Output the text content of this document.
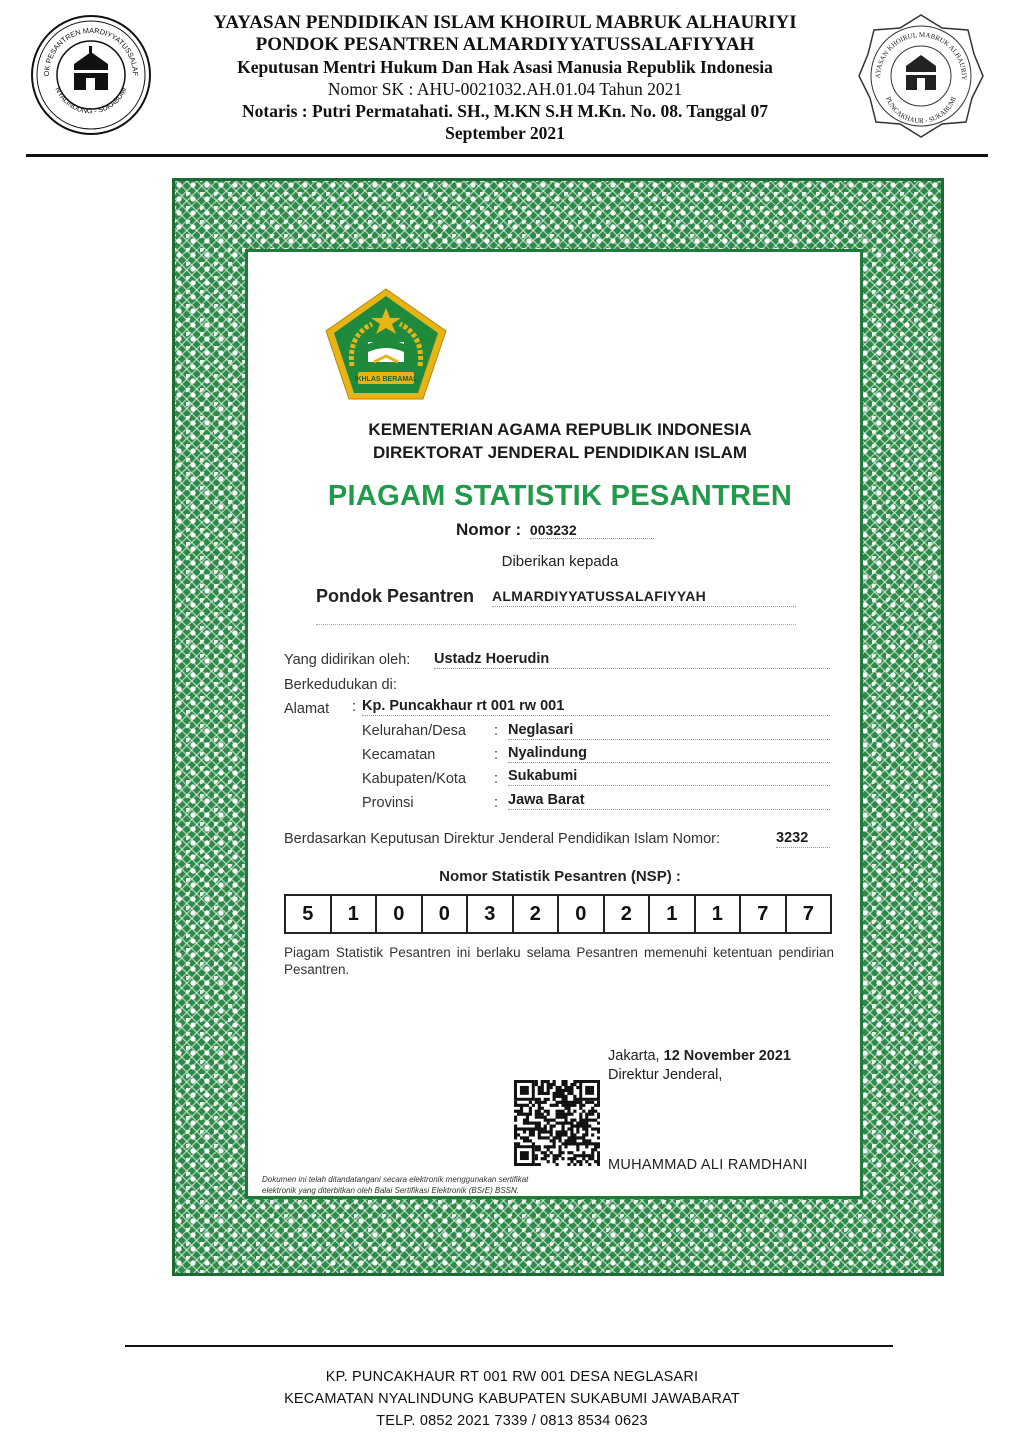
OK PESANTREN MARDIYYATUSSALAF
NYALINDUNG - SUKABUMI
YAYASAN PENDIDIKAN ISLAM KHOIRUL MABRUK ALHAURIYI
PONDOK PESANTREN ALMARDIYYATUSSALAFIYYAH
Keputusan Mentri Hukum Dan Hak Asasi Manusia Republik Indonesia
Nomor SK : AHU-0021032.AH.01.04 Tahun 2021
Notaris : Putri Permatahati. SH., M.KN S.H M.Kn. No. 08. Tanggal 07
September 2021
AYASAN KHOIRUL MABRUK ALHAURIY
PUNCAKHAUR - SUKABUMI
IKHLAS BERAMAL
KEMENTERIAN AGAMA REPUBLIK INDONESIA
DIREKTORAT JENDERAL PENDIDIKAN ISLAM
PIAGAM STATISTIK PESANTREN
Nomor : 003232
Diberikan kepada
Pondok Pesantren ALMARDIYYATUSSALAFIYYAH
Yang didirikan oleh: Ustadz Hoerudin
Berkedudukan di:
Alamat : Kp. Puncakhaur rt 001 rw 001
Kelurahan/Desa : Neglasari
Kecamatan	: Nyalindung
Kabupaten/Kota : Sukabumi
Provinsi	: Jawa Barat
Berdasarkan Keputusan Direktur Jenderal Pendidikan Islam Nomor:	3232
Nomor Statistik Pesantren (NSP) :
5	1	0	0	3	2	0	2	1	1	7	7
Piagam Statistik Pesantren ini berlaku selama Pesantren memenuhi ketentuan pendirian Pesantren.
Jakarta, 12 November 2021
Direktur Jenderal,
MUHAMMAD ALI RAMDHANI
Dokumen ini telah ditandatangani secara elektronik menggunakan sertifikat elektronik yang diterbitkan oleh Balai Sertifikasi Elektronik (BSrE) BSSN.
KP. PUNCAKHAUR RT 001 RW 001 DESA NEGLASARI
KECAMATAN NYALINDUNG KABUPATEN SUKABUMI JAWABARAT
TELP. 0852 2021 7339 / 0813 8534 0623
